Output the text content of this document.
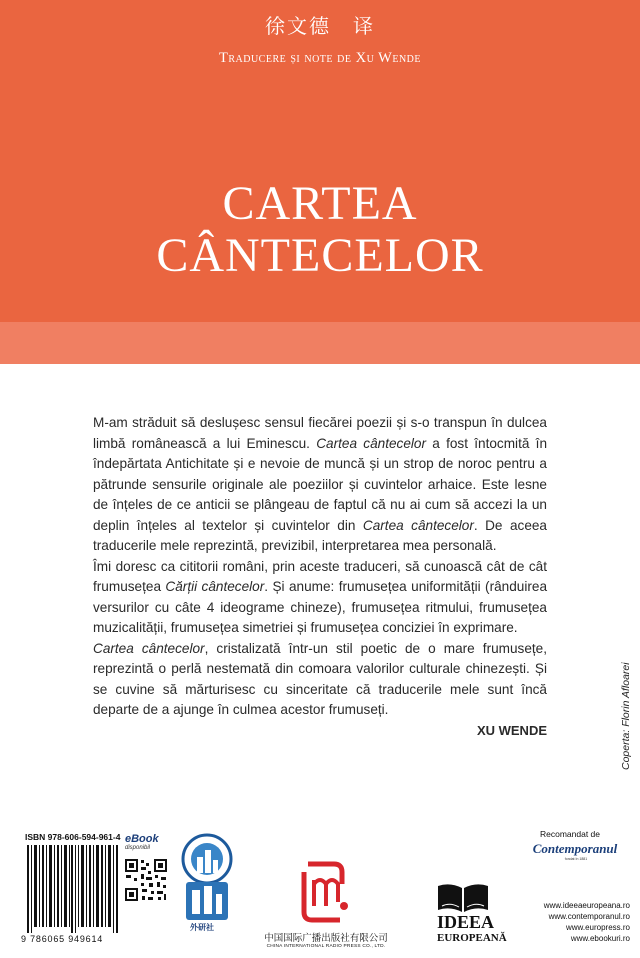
徐文德　译
Traducere și note de Xu Wende
CARTEA
CÂNTECELOR

M-am străduit să deslușesc sensul fiecărei poezii și s-o transpun în dulcea limbă românească a lui Eminescu. Cartea cântecelor a fost întocmită în îndepărtata Antichitate și e nevoie de muncă și un strop de noroc pentru a pătrunde sensurile originale ale poeziilor și cuvintelor arhaice. Este lesne de înțeles de ce anticii se plângeau de faptul că nu ai cum să accezi la un deplin înțeles al textelor și cuvintelor din Cartea cântecelor. De aceea traducerile mele reprezintă, previzibil, interpretarea mea personală.

Îmi doresc ca cititorii români, prin aceste traduceri, să cunoască cât de cât frumusețea Cărții cântecelor. Și anume: frumusețea uniformității (rânduirea versurilor cu câte 4 ideograme chineze), frumusețea ritmului, frumusețea muzicalității, frumusețea simetriei și frumusețea conciziei în exprimare.

Cartea cântecelor, cristalizată într-un stil poetic de o mare frumusețe, reprezintă o perlă nestemată din comoara valorilor culturale chinezești. Și se cuvine să mărturisesc cu sinceritate că traducerile mele sunt încă departe de a ajunge în culmea acestor frumuseți.

XU WENDE	Coperta: Florin Afloarei
ISBN 978-606-594-961-4
9 786065 949614
eBook
disponibil
外研社
中国国际广播出版社有限公司
CHINA INTERNATIONAL RADIO PRESS CO., LTD.
IDEEA
EUROPEANĂ
Recomandat de
Contemporanul
fondat în 1881
www.ideeaeuropeana.ro
www.contemporanul.ro
www.europress.ro
www.ebookuri.ro
